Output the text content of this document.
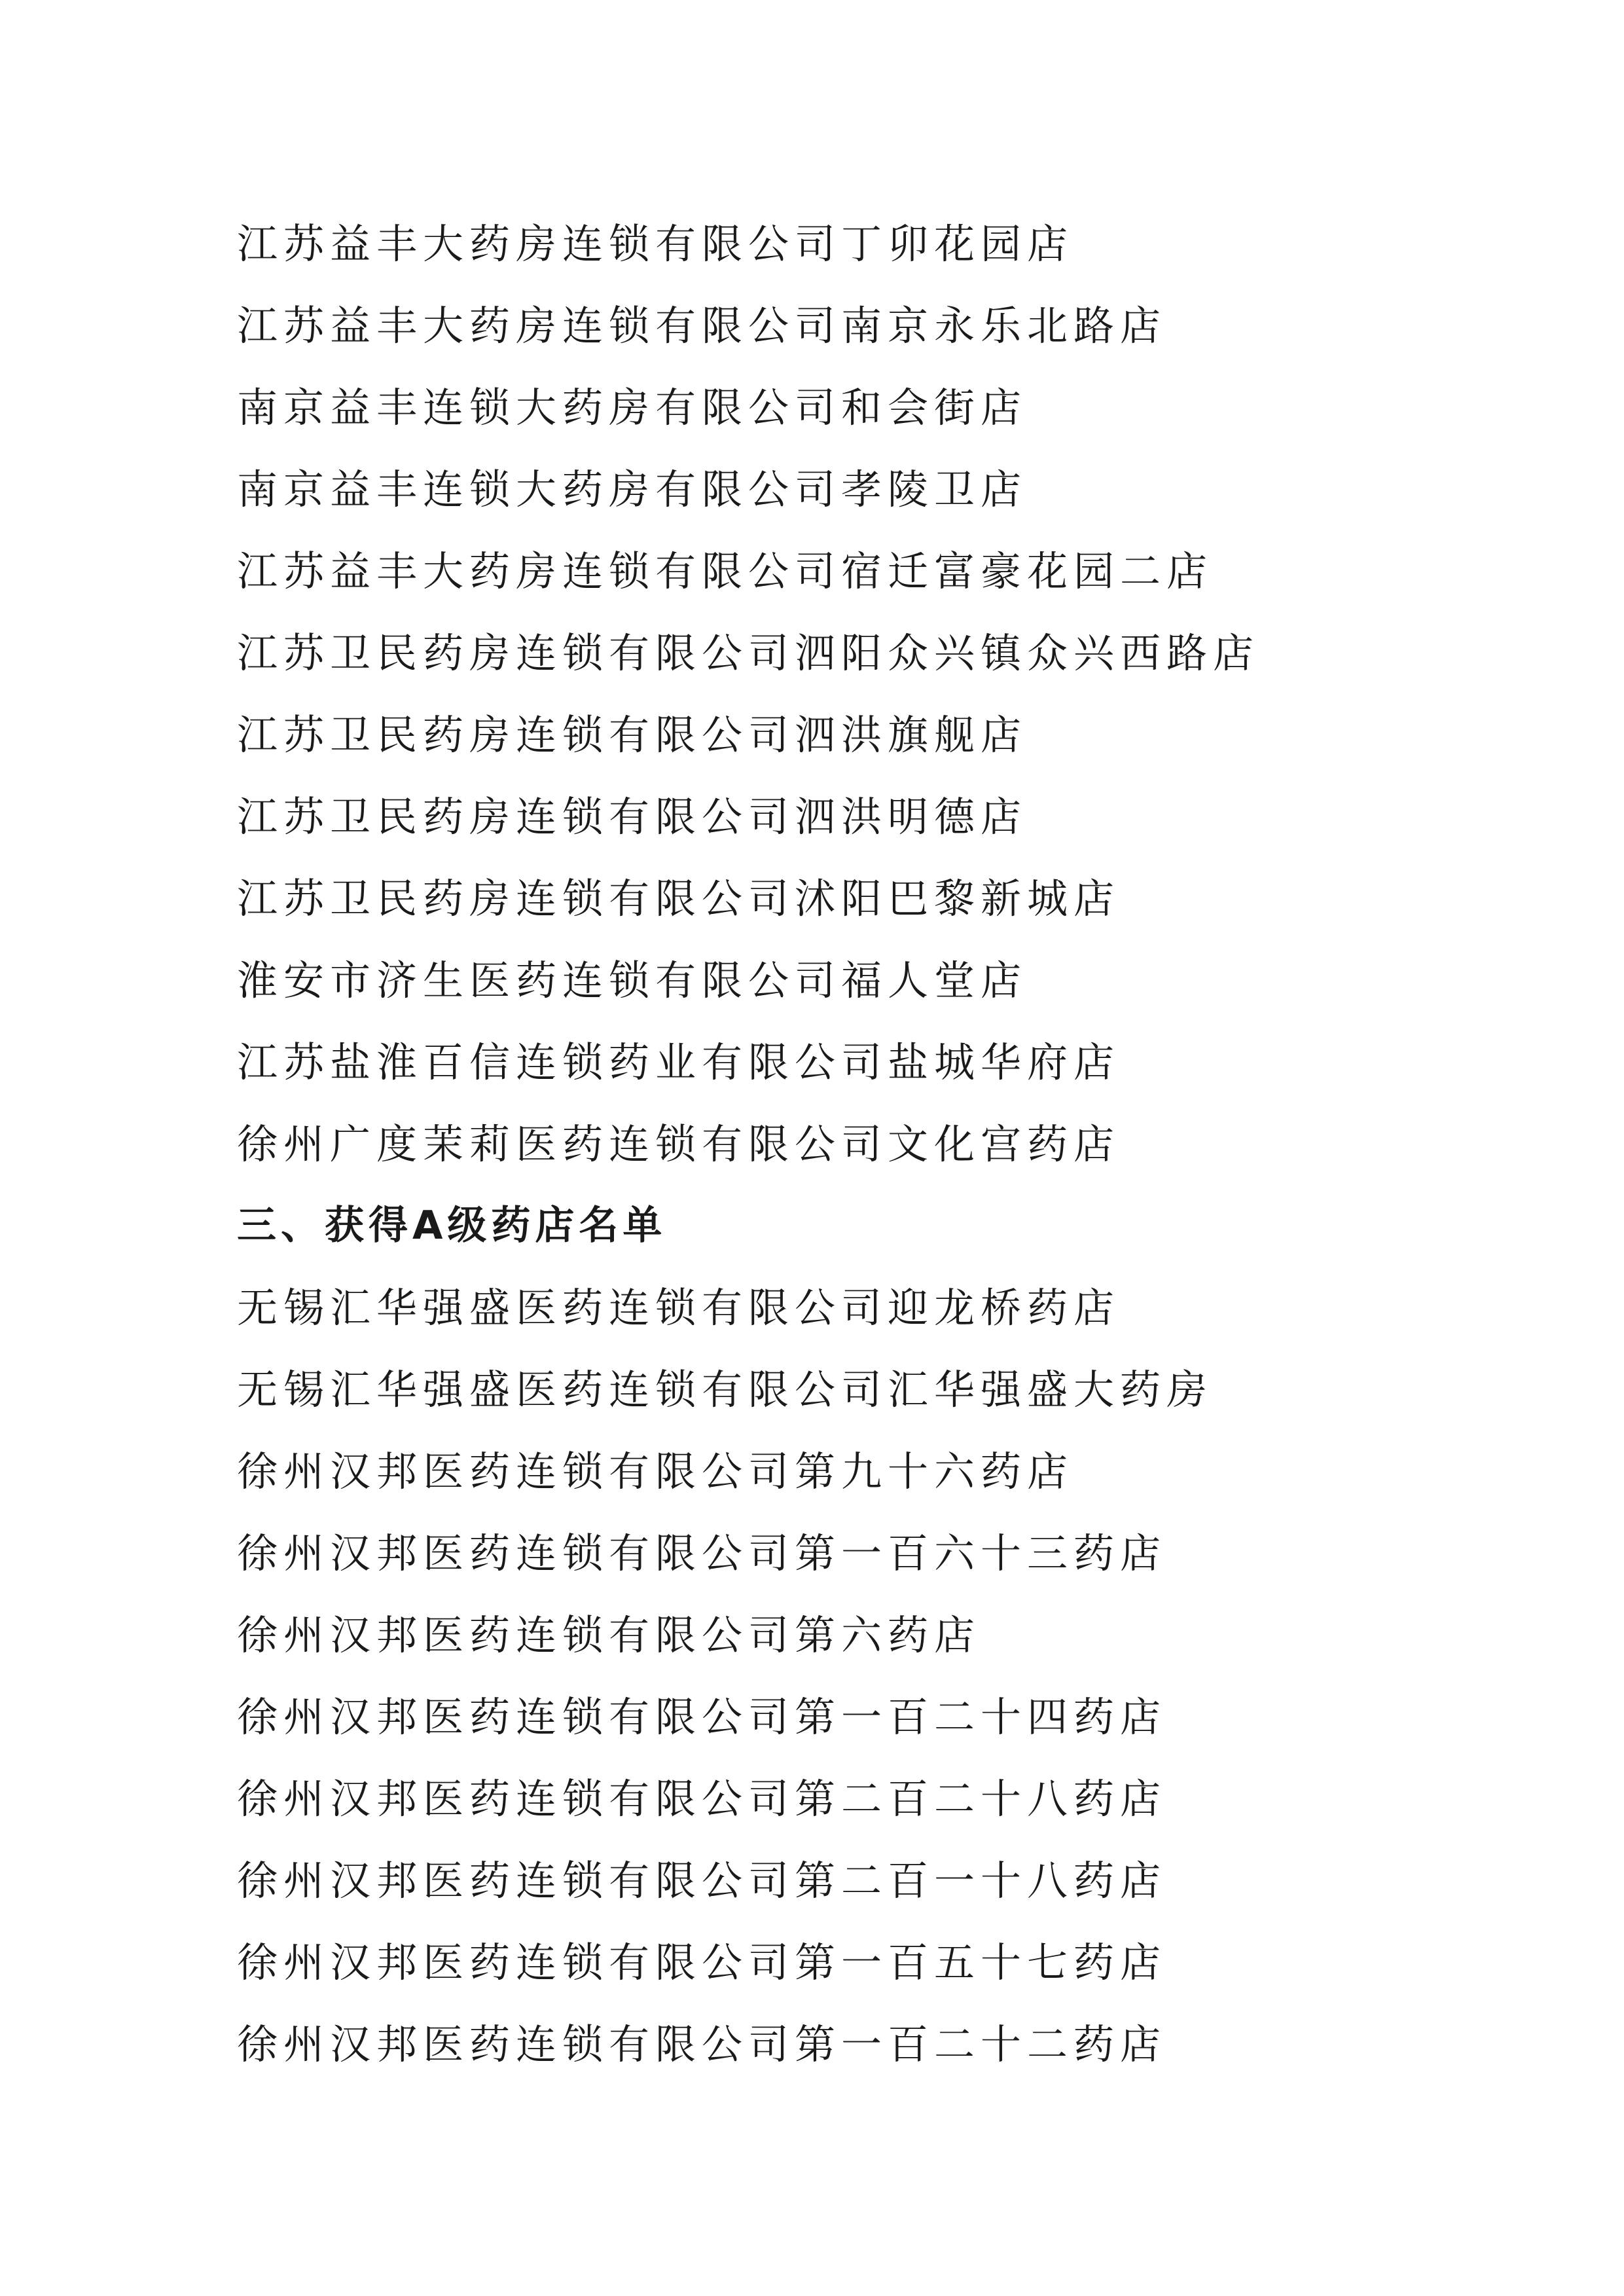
江苏益丰大药房连锁有限公司丁卯花园店
江苏益丰大药房连锁有限公司南京永乐北路店
南京益丰连锁大药房有限公司和会街店
南京益丰连锁大药房有限公司孝陵卫店
江苏益丰大药房连锁有限公司宿迁富豪花园二店
江苏卫民药房连锁有限公司泗阳众兴镇众兴西路店
江苏卫民药房连锁有限公司泗洪旗舰店
江苏卫民药房连锁有限公司泗洪明德店
江苏卫民药房连锁有限公司沭阳巴黎新城店
淮安市济生医药连锁有限公司福人堂店
江苏盐淮百信连锁药业有限公司盐城华府店
徐州广度茉莉医药连锁有限公司文化宫药店
三、获得A级药店名单
无锡汇华强盛医药连锁有限公司迎龙桥药店
无锡汇华强盛医药连锁有限公司汇华强盛大药房
徐州汉邦医药连锁有限公司第九十六药店
徐州汉邦医药连锁有限公司第一百六十三药店
徐州汉邦医药连锁有限公司第六药店
徐州汉邦医药连锁有限公司第一百二十四药店
徐州汉邦医药连锁有限公司第二百二十八药店
徐州汉邦医药连锁有限公司第二百一十八药店
徐州汉邦医药连锁有限公司第一百五十七药店
徐州汉邦医药连锁有限公司第一百二十二药店
